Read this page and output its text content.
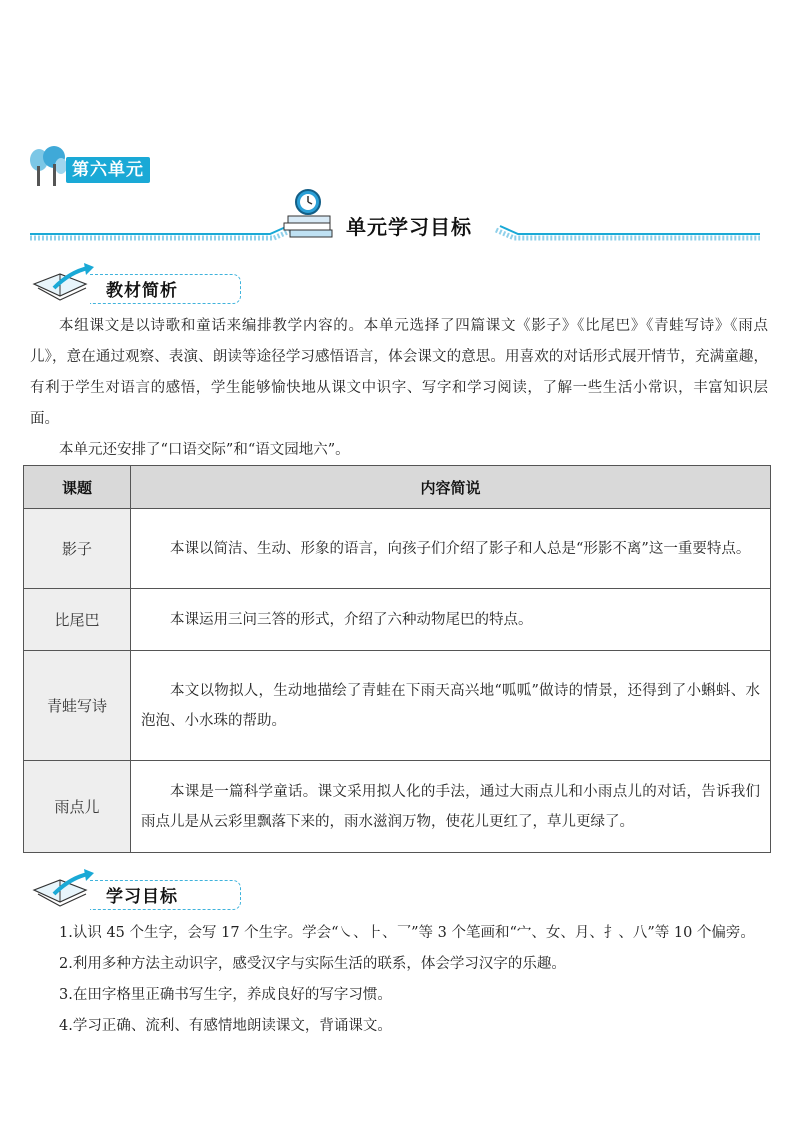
第六单元
单元学习目标
教材简析

本组课文是以诗歌和童话来编排教学内容的。本单元选择了四篇课文《影子》《比尾巴》《青蛙写诗》《雨点儿》，意在通过观察、表演、朗读等途径学习感悟语言，体会课文的意思。用喜欢的对话形式展开情节，充满童趣，有利于学生对语言的感悟，学生能够愉快地从课文中识字、写字和学习阅读，了解一些生活小常识，丰富知识层面。

本单元还安排了“口语交际”和“语文园地六”。

课题	内容简说
影子	本课以简洁、生动、形象的语言，向孩子们介绍了影子和人总是“形影不离”这一重要特点。
比尾巴	本课运用三问三答的形式，介绍了六种动物尾巴的特点。
青蛙写诗	本文以物拟人，生动地描绘了青蛙在下雨天高兴地“呱呱”做诗的情景，还得到了小蝌蚪、水泡泡、小水珠的帮助。
雨点儿	本课是一篇科学童话。课文采用拟人化的手法，通过大雨点儿和小雨点儿的对话，告诉我们雨点儿是从云彩里飘落下来的，雨水滋润万物，使花儿更红了，草儿更绿了。
学习目标

1.认识 45 个生字，会写 17 个生字。学会“㇏、⺊、乛”等 3 个笔画和“宀、女、月、扌、八”等 10 个偏旁。

2.利用多种方法主动识字，感受汉字与实际生活的联系，体会学习汉字的乐趣。

3.在田字格里正确书写生字，养成良好的写字习惯。

4.学习正确、流利、有感情地朗读课文，背诵课文。
